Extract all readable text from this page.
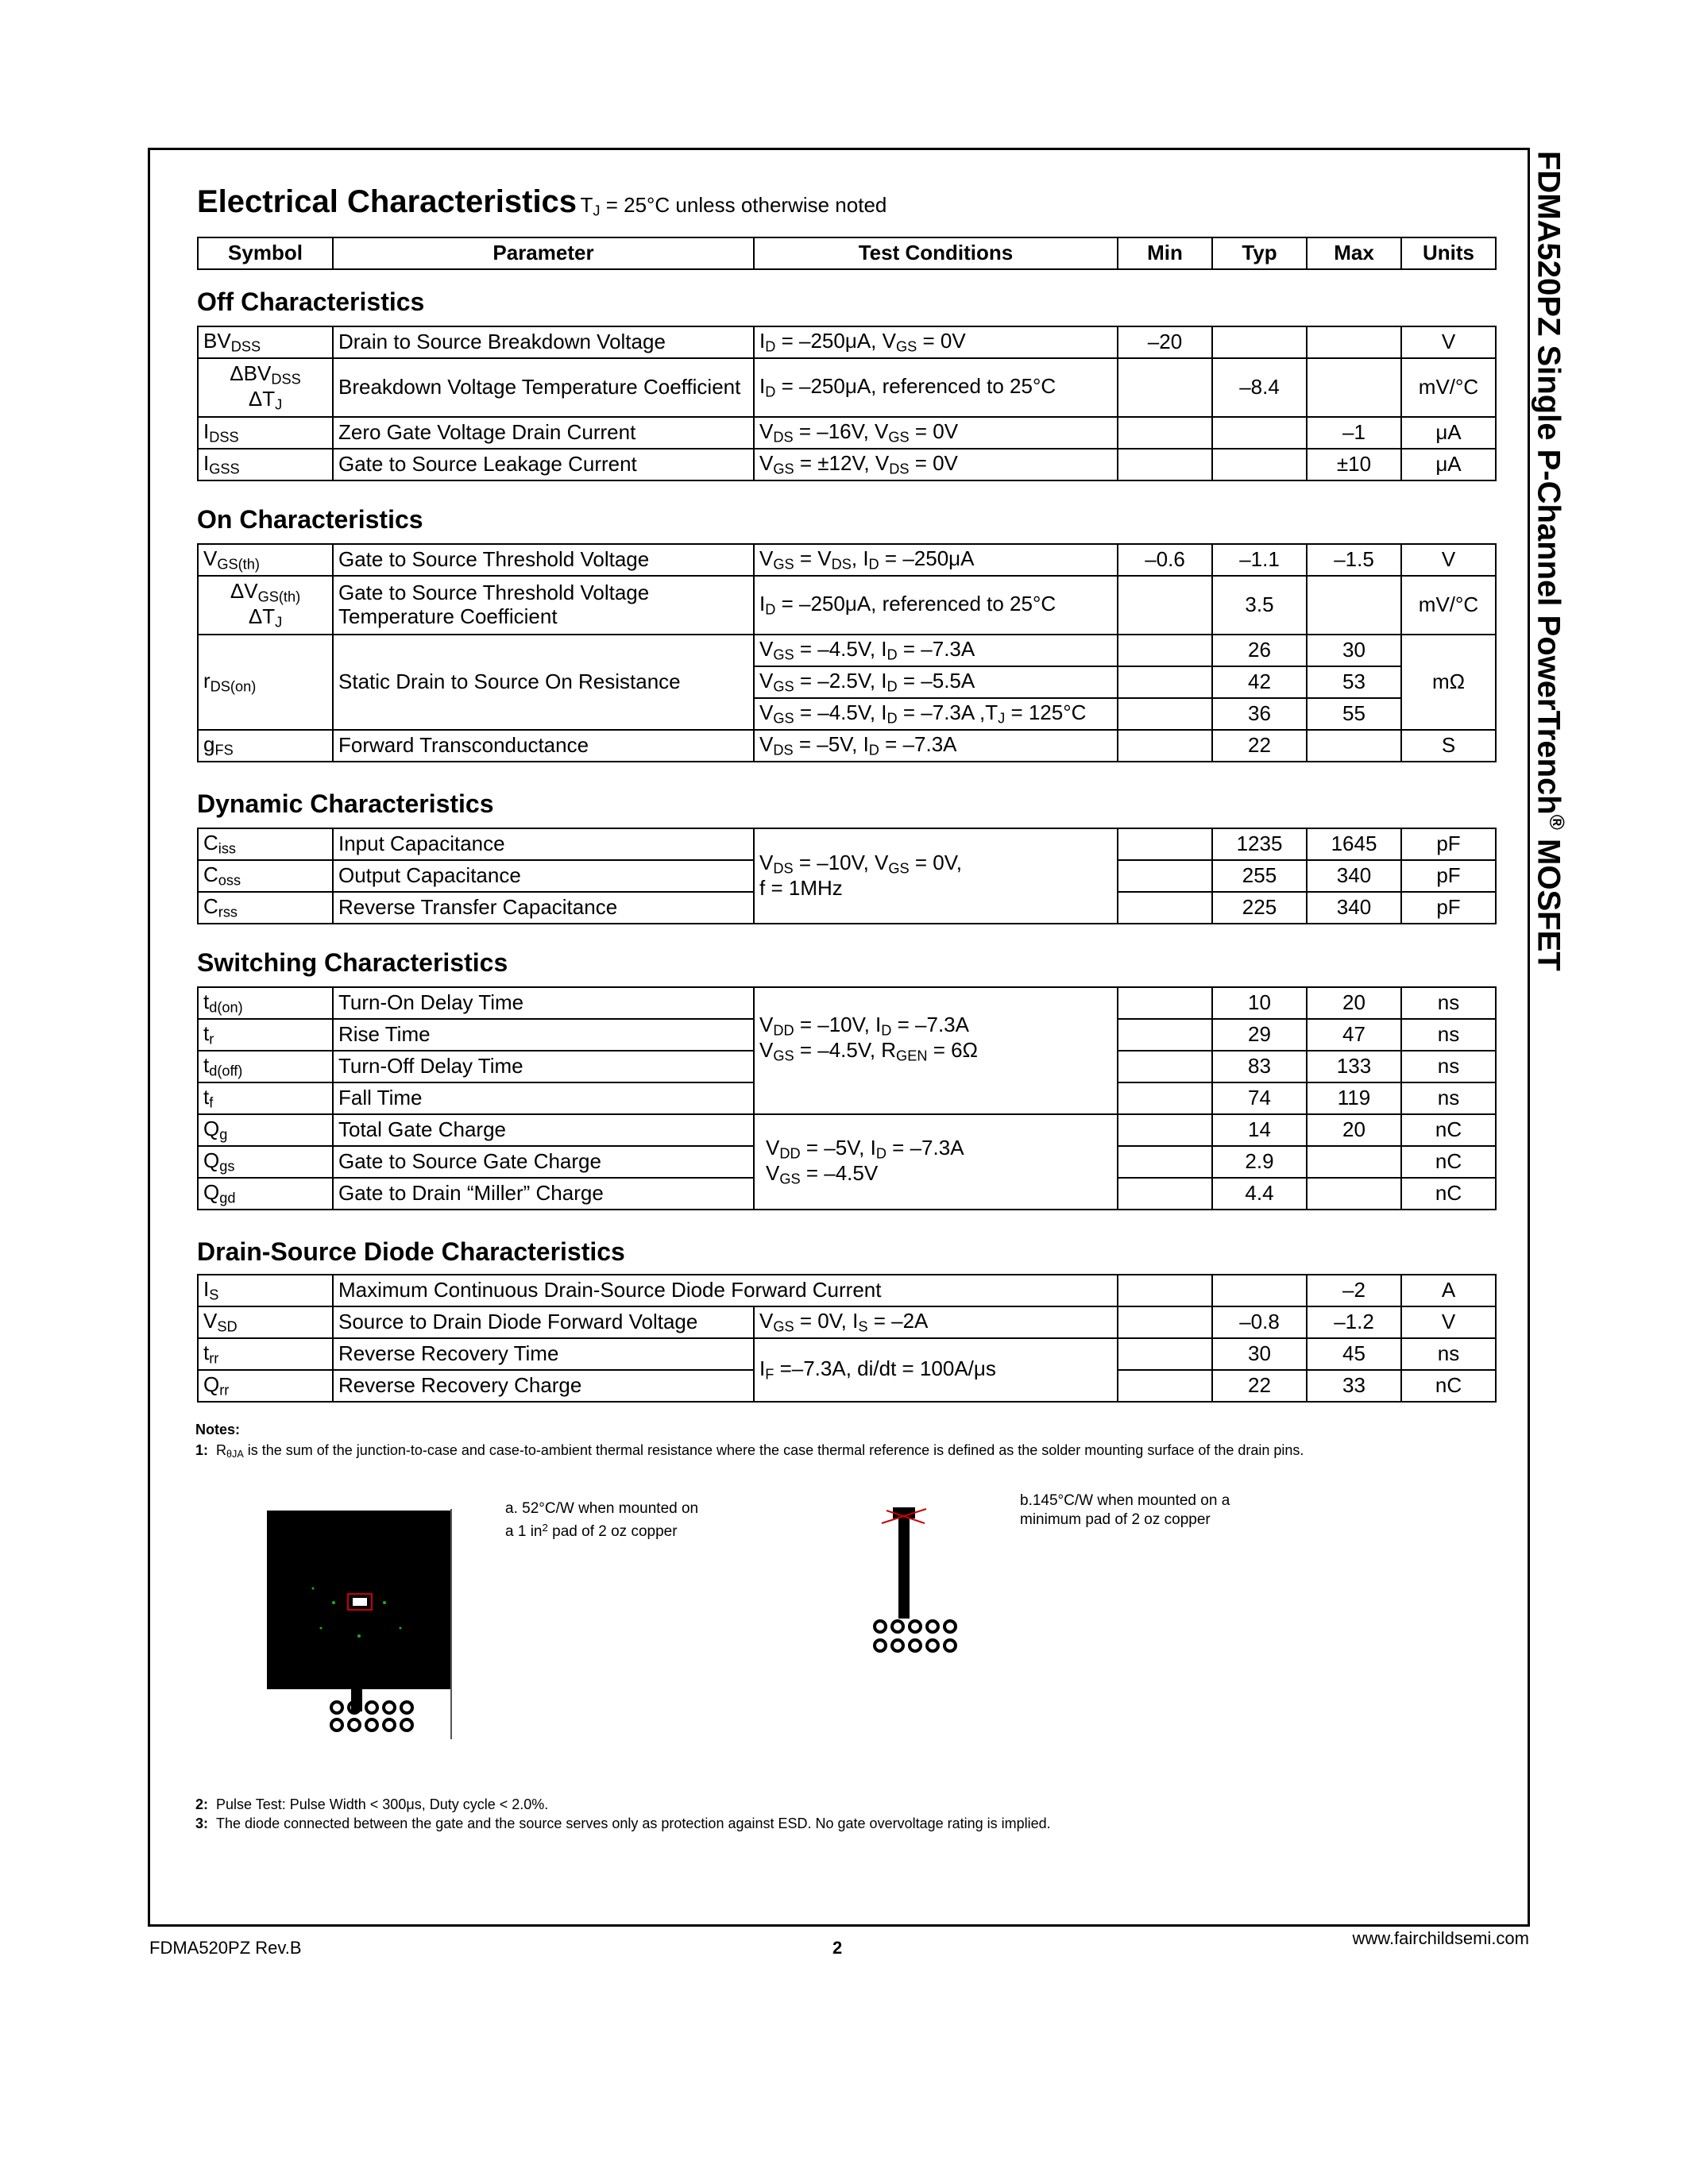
FDMA520PZ Single P-Channel PowerTrench® MOSFET
Electrical Characteristics $T_J = 25^\circ C$ unless otherwise noted
Symbol	Parameter	Test Conditions	Min	Typ	Max	Units
Off Characteristics
$BV_{DSS}$	Drain to Source Breakdown Voltage	$I_D = -250\mu A$, $V_{GS} = 0V$	–20			V

$\Delta BV_{DSS}$
$\Delta T_J$	Breakdown Voltage Temperature Coefficient	$I_D = -250\mu A$, referenced to 25°C		–8.4		mV/°C
$I_{DSS}$	Zero Gate Voltage Drain Current	$V_{DS} = -16V$, $V_{GS} = 0V$			–1	μA
$I_{GSS}$	Gate to Source Leakage Current	$V_{GS} = \pm 12V$, $V_{DS} = 0V$			±10	μA
On Characteristics
$V_{GS(th)}$	Gate to Source Threshold Voltage	$V_{GS} = V_{DS}$, $I_D = -250\mu A$	–0.6	–1.1	–1.5	V

$\Delta V_{GS(th)}$
$\Delta T_J$	Gate to Source Threshold Voltage Temperature Coefficient	$I_D = -250\mu A$, referenced to 25°C		3.5		mV/°C
$r_{DS(on)}$	Static Drain to Source On Resistance	$V_{GS} = -4.5V$, $I_D = -7.3A$		26	30	mΩ
		$V_{GS} = -2.5V$, $I_D = -5.5A$		42	53	
		$V_{GS} = -4.5V$, $I_D = -7.3A$ $,T_J = 125^\circ C$		36	55	
$g_{FS}$	Forward Transconductance	$V_{DS} = -5V$, $I_D = -7.3A$		22		S
Dynamic Characteristics
$C_{iss}$	Input Capacitance	$V_{DS} = -10V$, $V_{GS} = 0V$,
f = 1MHz		1235	1645	pF
$C_{oss}$	Output Capacitance			255	340	pF
$C_{rss}$	Reverse Transfer Capacitance			225	340	pF
Switching Characteristics
$t_{d(on)}$	Turn-On Delay Time	$V_{DD} = -10V$, $I_D = -7.3A$
$V_{GS} = -4.5V$, $R_{GEN} = 6\Omega$		10	20	ns
$t_r$	Rise Time			29	47	ns
$t_{d(off)}$	Turn-Off Delay Time			83	133	ns
$t_f$	Fall Time			74	119	ns
$Q_g$	Total Gate Charge	$V_{DD} = -5V$, $I_D = -7.3A$
$V_{GS} = -4.5V$		14	20	nC
$Q_{gs}$	Gate to Source Gate Charge			2.9		nC
$Q_{gd}$	Gate to Drain “Miller” Charge			4.4		nC
Drain-Source Diode Characteristics
$I_S$	Maximum Continuous Drain-Source Diode Forward Current				–2	A
$V_{SD}$	Source to Drain Diode Forward Voltage	$V_{GS} = 0V$, $I_S = -2A$		–0.8	–1.2	V
$t_{rr}$	Reverse Recovery Time	$I_F =-7.3A$, di/dt = 100A/μs		30	45	ns
$Q_{rr}$	Reverse Recovery Charge			22	33	nC
Notes:
1: $R_{\theta JA}$ is the sum of the junction-to-case and case-to-ambient thermal resistance where the case thermal reference is defined as the solder mounting surface of the drain pins.
a. 52°C/W when mounted on
a 1 $in^2$ pad of 2 oz copper
b.145°C/W when mounted on a
minimum pad of 2 oz copper
2: Pulse Test: Pulse Width < 300μs, Duty cycle < 2.0%.
3: The diode connected between the gate and the source serves only as protection against ESD. No gate overvoltage rating is implied.
FDMA520PZ Rev.B	2	www.fairchildsemi.com
